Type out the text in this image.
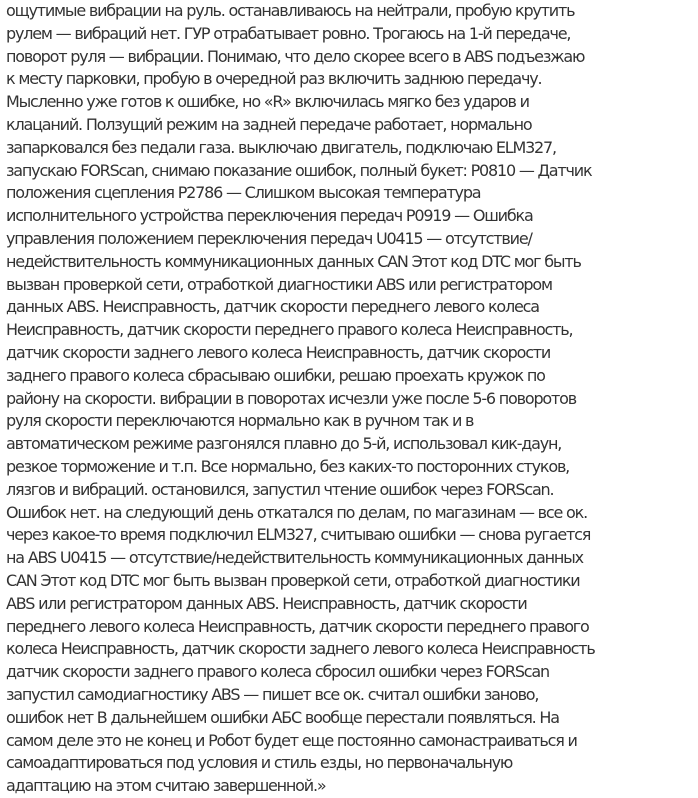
ощутимые вибрации на руль. останавливаюсь на нейтрали, пробую крутить
рулем — вибраций нет. ГУР отрабатывает ровно. Трогаюсь на 1-й передаче,
поворот руля — вибрации. Понимаю, что дело скорее всего в ABS подъезжаю
к месту парковки, пробую в очередной раз включить заднюю передачу.
Мысленно уже готов к ошибке, но «R» включилась мягко без ударов и
клацаний. Ползущий режим на задней передаче работает, нормально
запарковался без педали газа. выключаю двигатель, подключаю ELM327,
запускаю FORScan, снимаю показание ошибок, полный букет: P0810 — Датчик
положения сцепления P2786 — Слишком высокая температура
исполнительного устройства переключения передач P0919 — Ошибка
управления положением переключения передач U0415 — отсутствие/
недействительность коммуникационных данных CAN Этот код DTC мог быть
вызван проверкой сети, отработкой диагностики ABS или регистратором
данных ABS. Неисправность, датчик скорости переднего левого колеса
Неисправность, датчик скорости переднего правого колеса Неисправность,
датчик скорости заднего левого колеса Неисправность, датчик скорости
заднего правого колеса сбрасываю ошибки, решаю проехать кружок по
району на скорости. вибрации в поворотах исчезли уже после 5-6 поворотов
руля скорости переключаются нормально как в ручном так и в
автоматическом режиме разгонялся плавно до 5-й, использовал кик-даун,
резкое торможение и т.п. Все нормально, без каких-то посторонних стуков,
лязгов и вибраций. остановился, запустил чтение ошибок через FORScan.
Ошибок нет. на следующий день откатался по делам, по магазинам — все ок.
через какое-то время подключил ELM327, считываю ошибки — снова ругается
на ABS U0415 — отсутствие/недействительность коммуникационных данных
CAN Этот код DTC мог быть вызван проверкой сети, отработкой диагностики
ABS или регистратором данных ABS. Неисправность, датчик скорости
переднего левого колеса Неисправность, датчик скорости переднего правого
колеса Неисправность, датчик скорости заднего левого колеса Неисправность
датчик скорости заднего правого колеса сбросил ошибки через FORScan
запустил самодиагностику ABS — пишет все ок. считал ошибки заново,
ошибок нет В дальнейшем ошибки АБС вообще перестали появляться. На
самом деле это не конец и Робот будет еще постоянно самонастраиваться и
самоадаптироваться под условия и стиль езды, но первоначальную
адаптацию на этом считаю завершенной.»
